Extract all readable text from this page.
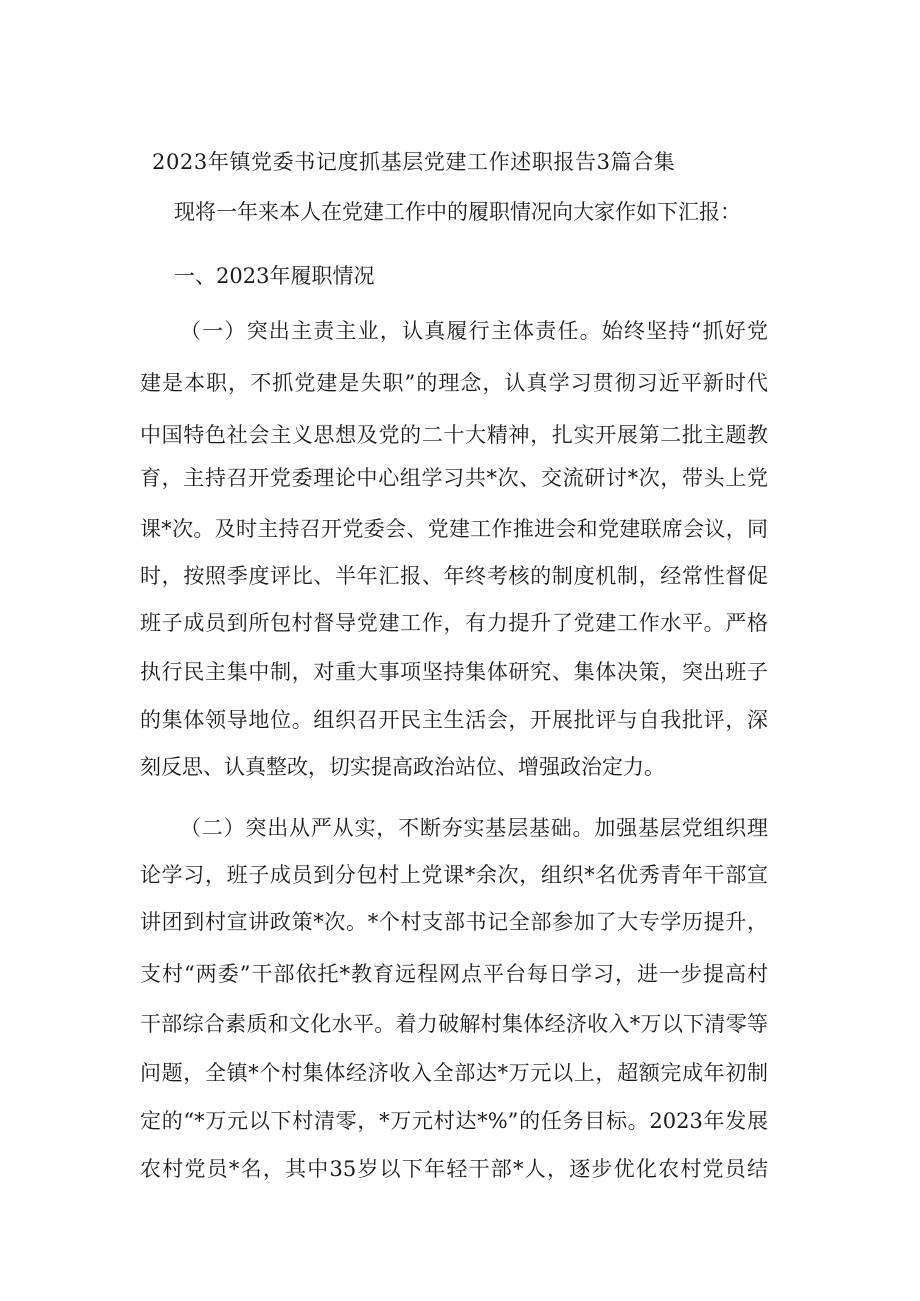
2023年镇党委书记度抓基层党建工作述职报告3篇合集

现将一年来本人在党建工作中的履职情况向大家作如下汇报：

一、2023年履职情况

（一）突出主责主业，认真履行主体责任。始终坚持“抓好党

建是本职，不抓党建是失职”的理念，认真学习贯彻习近平新时代

中国特色社会主义思想及党的二十大精神，扎实开展第二批主题教

育，主持召开党委理论中心组学习共*次、交流研讨*次，带头上党

课*次。及时主持召开党委会、党建工作推进会和党建联席会议，同

时，按照季度评比、半年汇报、年终考核的制度机制，经常性督促

班子成员到所包村督导党建工作，有力提升了党建工作水平。严格

执行民主集中制，对重大事项坚持集体研究、集体决策，突出班子

的集体领导地位。组织召开民主生活会，开展批评与自我批评，深

刻反思、认真整改，切实提高政治站位、增强政治定力。

（二）突出从严从实，不断夯实基层基础。加强基层党组织理

论学习，班子成员到分包村上党课*余次，组织*名优秀青年干部宣

讲团到村宣讲政策*次。*个村支部书记全部参加了大专学历提升，

支村“两委”干部依托*教育远程网点平台每日学习，进一步提高村

干部综合素质和文化水平。着力破解村集体经济收入*万以下清零等

问题，全镇*个村集体经济收入全部达*万元以上，超额完成年初制

定的“*万元以下村清零，*万元村达*%”的任务目标。2023年发展

农村党员*名，其中35岁以下年轻干部*人，逐步优化农村党员结
